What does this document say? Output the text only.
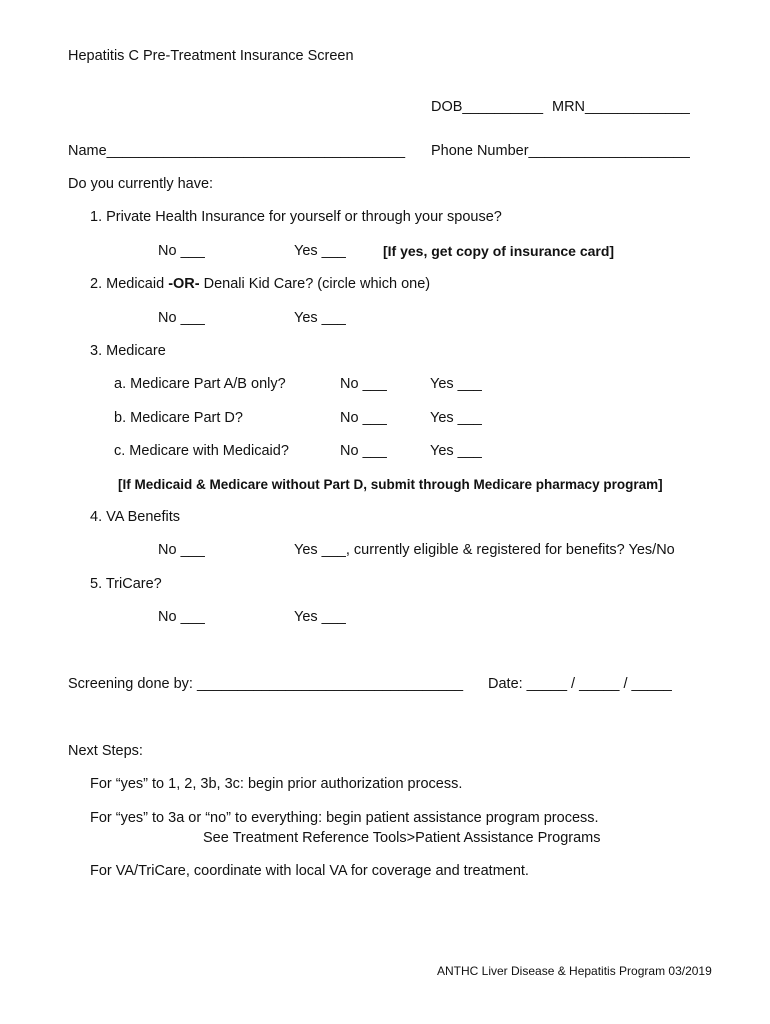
Hepatitis C Pre-Treatment Insurance Screen
DOB__________ MRN_____________
Name_____________________________________ Phone Number____________________
Do you currently have:
1. Private Health Insurance for yourself or through your spouse?
No ___	Yes ___	[If yes, get copy of insurance card]
2. Medicaid -OR- Denali Kid Care? (circle which one)
No ___	Yes ___
3. Medicare
a. Medicare Part A/B only?	No ___	Yes ___
b. Medicare Part D?	No ___	Yes ___
c. Medicare with Medicaid?	No ___	Yes ___
[If Medicaid & Medicare without Part D, submit through Medicare pharmacy program]
4. VA Benefits
No ___	Yes ___, currently eligible & registered for benefits? Yes/No
5. TriCare?
No ___	Yes ___
Screening done by: _________________________________ Date: _____ / _____ / _____
Next Steps:
For “yes” to 1, 2, 3b, 3c: begin prior authorization process.
For “yes” to 3a or “no” to everything: begin patient assistance program process.
See Treatment Reference Tools>Patient Assistance Programs
For VA/TriCare, coordinate with local VA for coverage and treatment.
ANTHC Liver Disease & Hepatitis Program 03/2019
